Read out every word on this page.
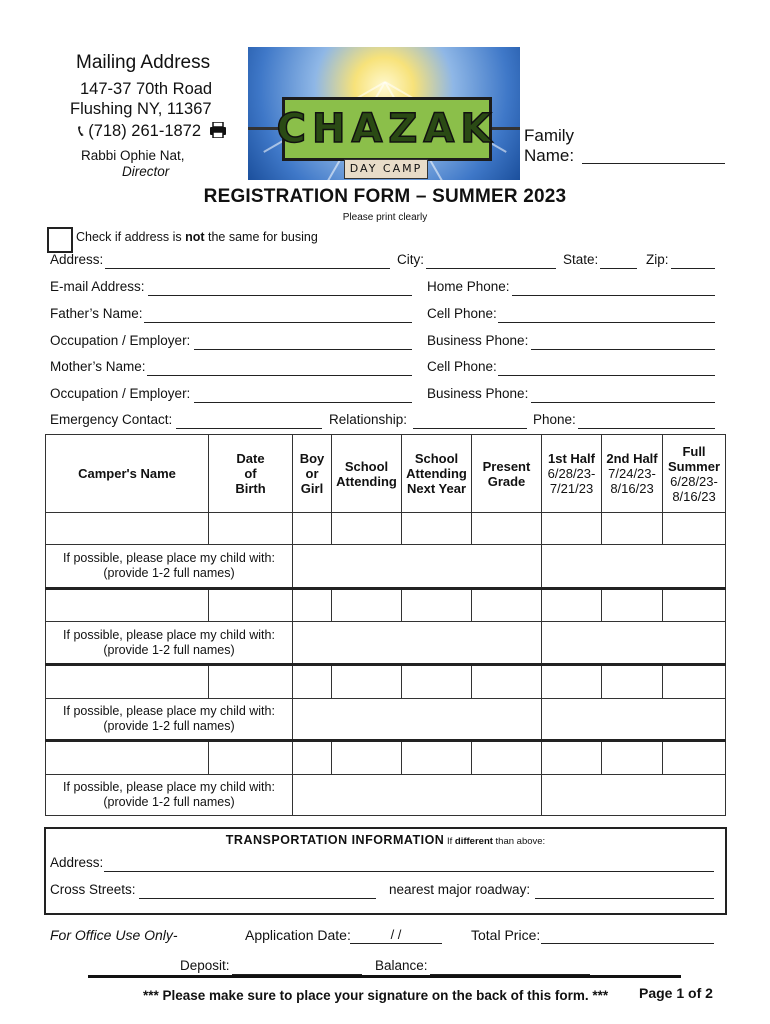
Mailing Address
147-37 70th Road
Flushing NY, 11367
📞︎ (718) 261-1872
Rabbi Ophie Nat,
Director
CHAZAK
DAY CAMP
Family
Name:
REGISTRATION FORM – SUMMER 2023
Please print clearly
Check if address is not the same for busing
Address:	City:	State:	Zip:
E-mail Address:	Home Phone:
Father’s Name:	Cell Phone:
Occupation / Employer:	Business Phone:
Mother’s Name:	Cell Phone:
Occupation / Employer:	Business Phone:
Emergency Contact:	Relationship:	Phone:
Camper's Name	Date
of
Birth	Boy
or
Girl	School
Attending	School
Attending
Next Year	Present
Grade	1st Half
6/28/23-
7/21/23	2nd Half
7/24/23-
8/16/23	Full
Summer
6/28/23-
8/16/23

If possible, please place my child with:
(provide 1-2 full names)								

If possible, please place my child with:
(provide 1-2 full names)								

If possible, please place my child with:
(provide 1-2 full names)								

If possible, please place my child with:
(provide 1-2 full names)								
TRANSPORTATION INFORMATION If different than above:
Address:
Cross Streets:	nearest major roadway:
For Office Use Only-	Application Date:	/ /	Total Price:
Deposit:	Balance:
*** Please make sure to place your signature on the back of this form. *** Page 1 of 2
